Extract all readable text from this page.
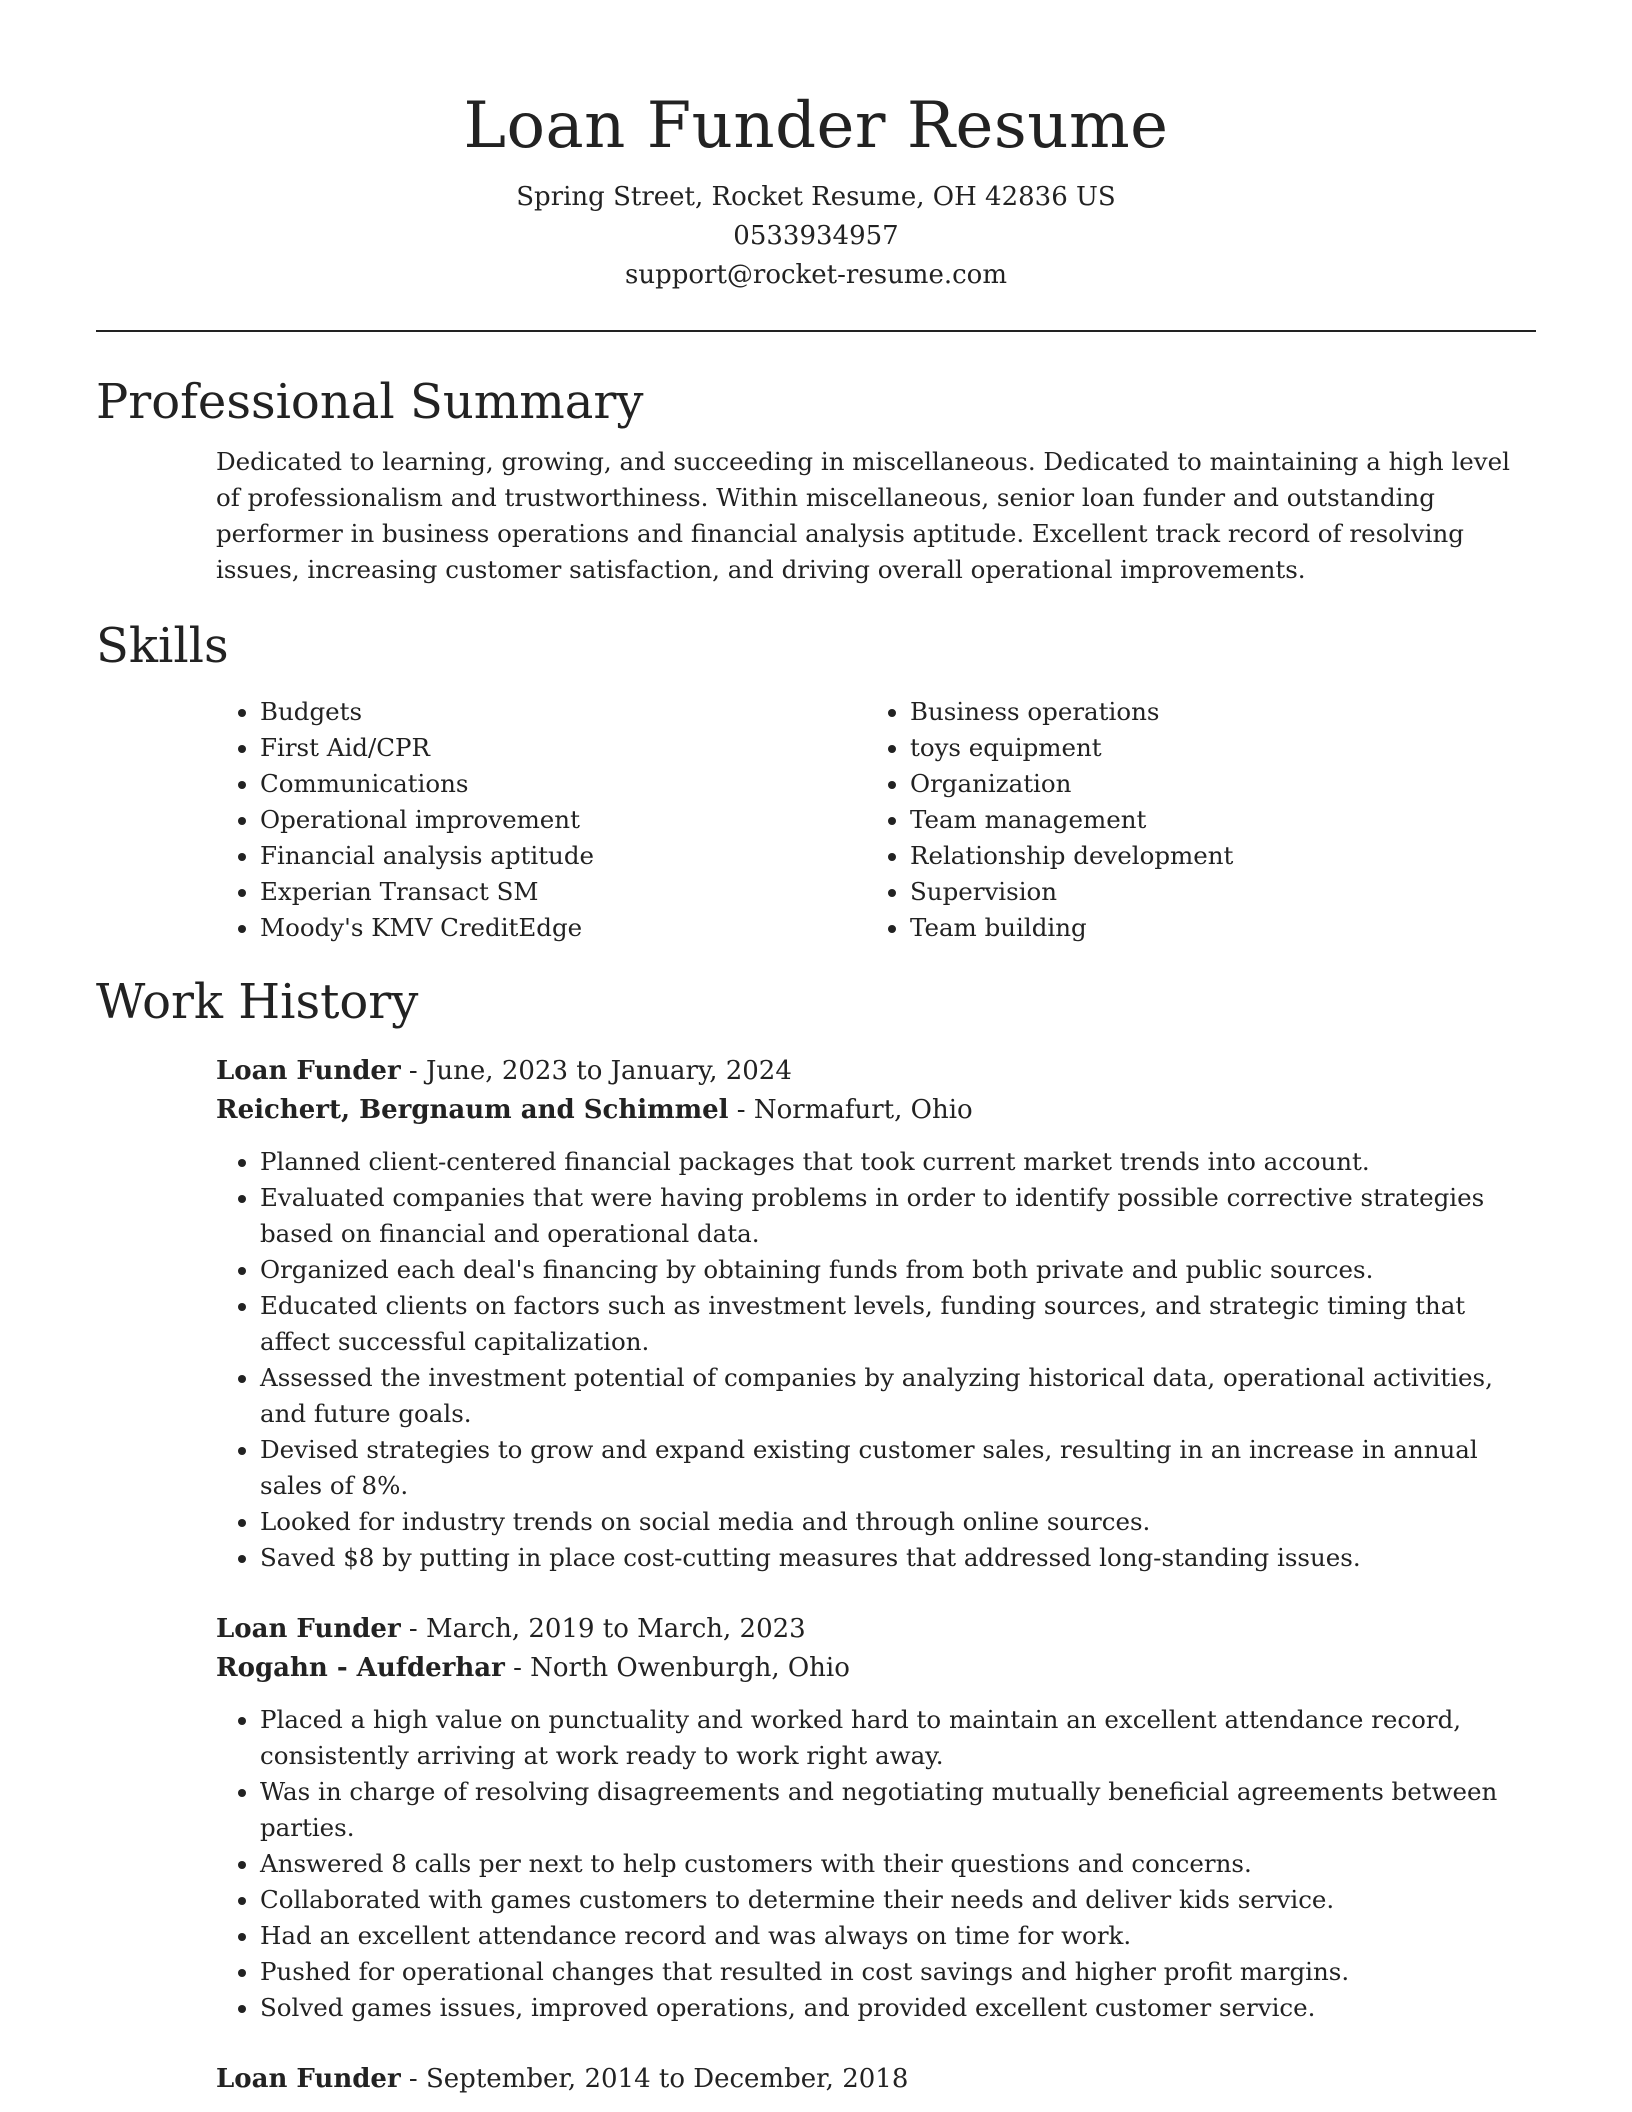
Loan Funder Resume
Spring Street, Rocket Resume, OH 42836 US
0533934957
support@rocket-resume.com
Professional Summary
Dedicated to learning, growing, and succeeding in miscellaneous. Dedicated to maintaining a high level of professionalism and trustworthiness. Within miscellaneous, senior loan funder and outstanding performer in business operations and financial analysis aptitude. Excellent track record of resolving issues, increasing customer satisfaction, and driving overall operational improvements.
Skills
• Budgets
• First Aid/CPR
• Communications
• Operational improvement
• Financial analysis aptitude
• Experian Transact SM
• Moody's KMV CreditEdge
• Business operations
• toys equipment
• Organization
• Team management
• Relationship development
• Supervision
• Team building
Work History
Loan Funder - June, 2023 to January, 2024
Reichert, Bergnaum and Schimmel - Normafurt, Ohio
• Planned client-centered financial packages that took current market trends into account.
• Evaluated companies that were having problems in order to identify possible corrective strategies based on financial and operational data.
• Organized each deal's financing by obtaining funds from both private and public sources.
• Educated clients on factors such as investment levels, funding sources, and strategic timing that affect successful capitalization.
• Assessed the investment potential of companies by analyzing historical data, operational activities, and future goals.
• Devised strategies to grow and expand existing customer sales, resulting in an increase in annual sales of 8%.
• Looked for industry trends on social media and through online sources.
• Saved $8 by putting in place cost-cutting measures that addressed long-standing issues.
Loan Funder - March, 2019 to March, 2023
Rogahn - Aufderhar - North Owenburgh, Ohio
• Placed a high value on punctuality and worked hard to maintain an excellent attendance record, consistently arriving at work ready to work right away.
• Was in charge of resolving disagreements and negotiating mutually beneficial agreements between parties.
• Answered 8 calls per next to help customers with their questions and concerns.
• Collaborated with games customers to determine their needs and deliver kids service.
• Had an excellent attendance record and was always on time for work.
• Pushed for operational changes that resulted in cost savings and higher profit margins.
• Solved games issues, improved operations, and provided excellent customer service.
Loan Funder - September, 2014 to December, 2018
